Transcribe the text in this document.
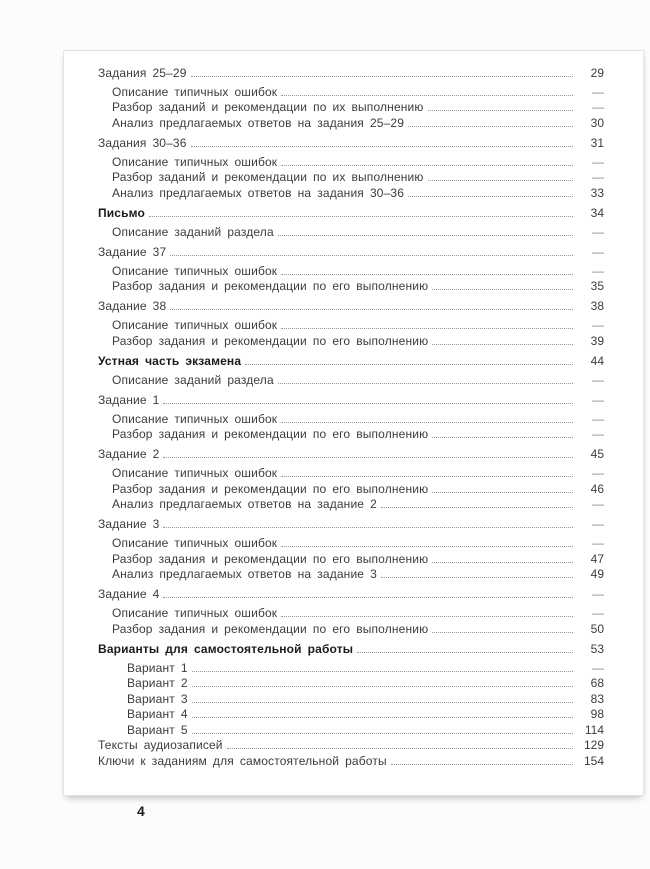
Задания 25–29	29
Описание типичных ошибок	—
Разбор заданий и рекомендации по их выполнению	—
Анализ предлагаемых ответов на задания 25–29	30
Задания 30–36	31
Описание типичных ошибок	—
Разбор заданий и рекомендации по их выполнению	—
Анализ предлагаемых ответов на задания 30–36	33
Письмо	34
Описание заданий раздела	—
Задание 37	—
Описание типичных ошибок	—
Разбор задания и рекомендации по его выполнению	35
Задание 38	38
Описание типичных ошибок	—
Разбор задания и рекомендации по его выполнению	39
Устная часть экзамена	44
Описание заданий раздела	—
Задание 1	—
Описание типичных ошибок	—
Разбор задания и рекомендации по его выполнению	—
Задание 2	45
Описание типичных ошибок	—
Разбор задания и рекомендации по его выполнению	46
Анализ предлагаемых ответов на задание 2	—
Задание 3	—
Описание типичных ошибок	—
Разбор задания и рекомендации по его выполнению	47
Анализ предлагаемых ответов на задание 3	49
Задание 4	—
Описание типичных ошибок	—
Разбор задания и рекомендации по его выполнению	50
Варианты для самостоятельной работы	53
Вариант 1	—
Вариант 2	68
Вариант 3	83
Вариант 4	98
Вариант 5	114
Тексты аудиозаписей	129
Ключи к заданиям для самостоятельной работы	154
4
